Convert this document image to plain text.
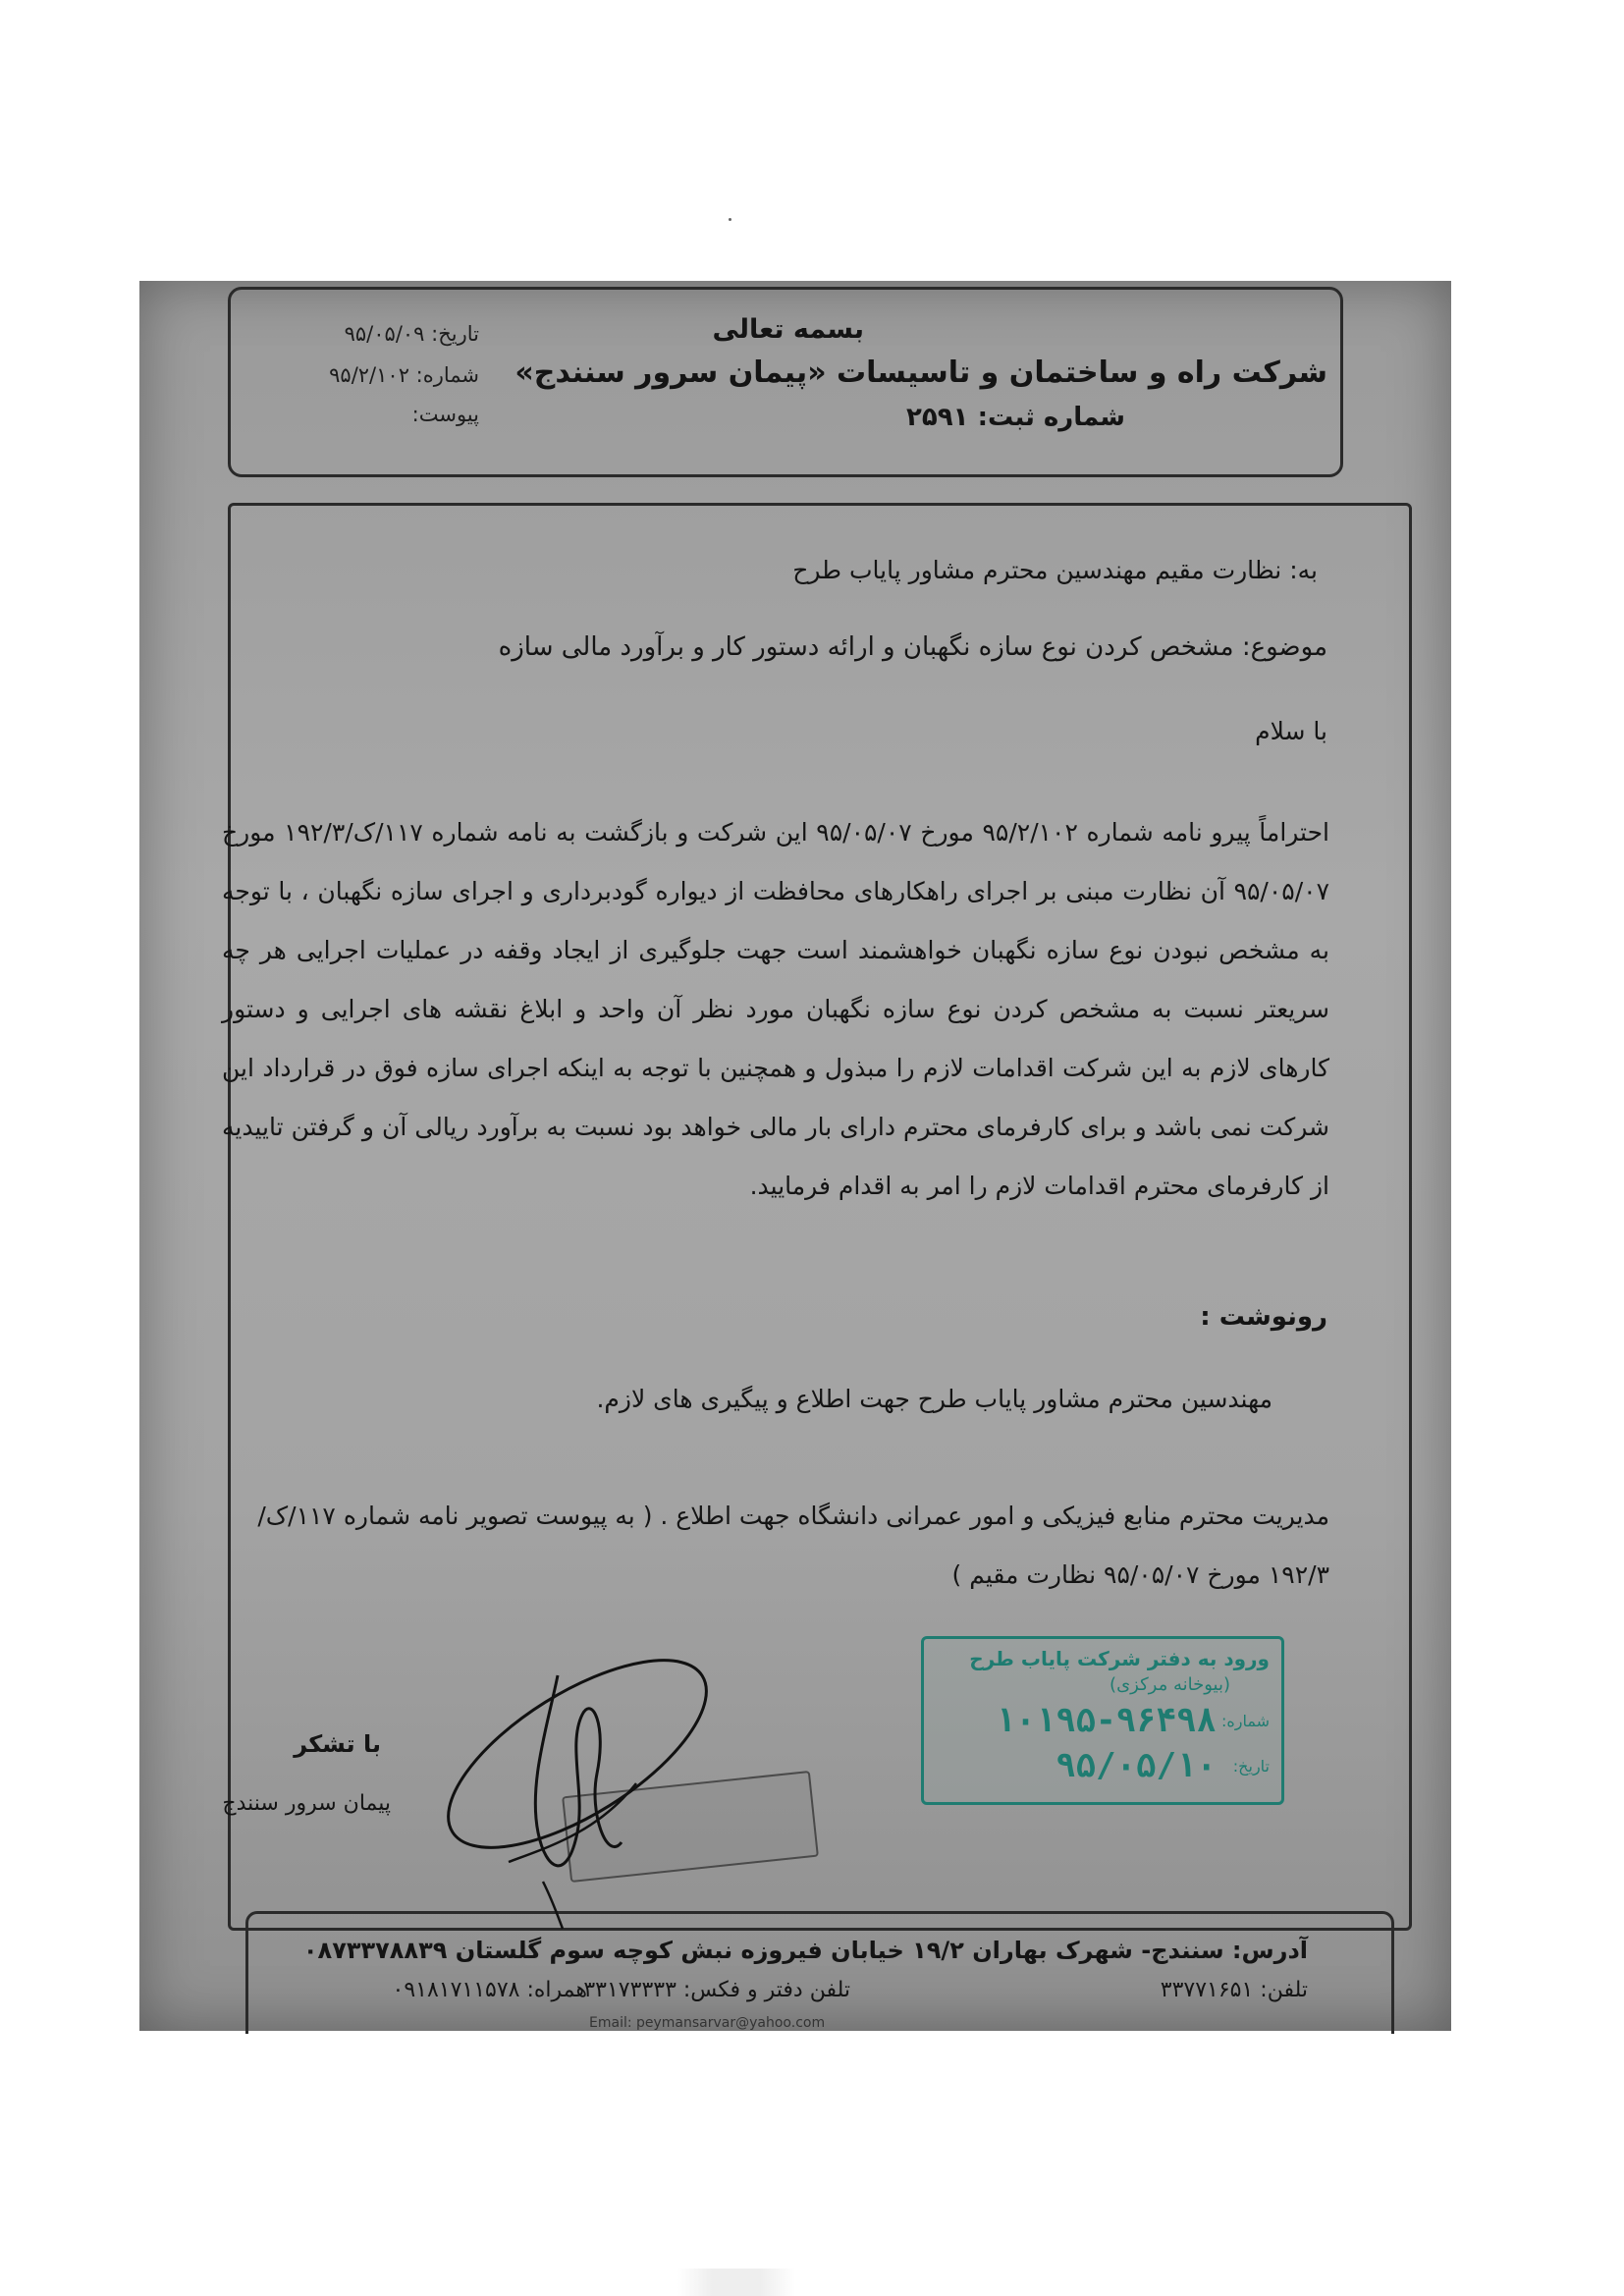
بسمه تعالی
شرکت راه و ساختمان و تاسیسات «پیمان سرور سنندج»
شماره ثبت: ۲۵۹۱
تاریخ: ۹۵/۰۵/۰۹
شماره: ۹۵/۲/۱۰۲
پیوست:
به: نظارت مقیم مهندسین محترم مشاور پایاب طرح
موضوع: مشخص کردن نوع سازه نگهبان و ارائه دستور کار و برآورد مالی سازه
با سلام
احتراماً پیرو نامه شماره ۹۵/۲/۱۰۲ مورخ ۹۵/۰۵/۰۷ این شرکت و بازگشت به نامه شماره ۱۱۷/ک/۱۹۲/۳ مورخ ۹۵/۰۵/۰۷ آن نظارت مبنی بر اجرای راهکارهای محافظت از دیواره گودبرداری و اجرای سازه نگهبان ، با توجه به مشخص نبودن نوع سازه نگهبان خواهشمند است جهت جلوگیری از ایجاد وقفه در عملیات اجرایی هر چه سریعتر نسبت به مشخص کردن نوع سازه نگهبان مورد نظر آن واحد و ابلاغ نقشه های اجرایی و دستور کارهای لازم به این شرکت اقدامات لازم را مبذول و همچنین با توجه به اینکه اجرای سازه فوق در قرارداد این شرکت نمی باشد و برای کارفرمای محترم دارای بار مالی خواهد بود نسبت به برآورد ریالی آن و گرفتن تاییدیه از کارفرمای محترم اقدامات لازم را امر به اقدام فرمایید.
رونوشت :
مهندسین محترم مشاور پایاب طرح جهت اطلاع و پیگیری های لازم.
مدیریت محترم منابع فیزیکی و امور عمرانی دانشگاه جهت اطلاع . ( به پیوست تصویر نامه شماره ۱۱۷/ک/۱۹۲/۳ مورخ ۹۵/۰۵/۰۷ نظارت مقیم )
ورود به دفتر شرکت پایاب طرح
(بیوخانه مرکزی)
شماره:
۱۰۱۹۵-۹۶۴۹۸
تاریخ:
۹۵/۰۵/۱۰
با تشکر
پیمان سرور سنندج
آدرس: سنندج- شهرک بهاران ۱۹/۲ خیابان فیروزه نبش کوچه سوم گلستان ۰۸۷۳۳۷۸۸۳۹
تلفن: ۳۳۷۷۱۶۵۱
تلفن دفتر و فکس: ۳۳۱۷۳۳۳۳
همراه: ۰۹۱۸۱۷۱۱۵۷۸
Email: peymansarvar@yahoo.com
